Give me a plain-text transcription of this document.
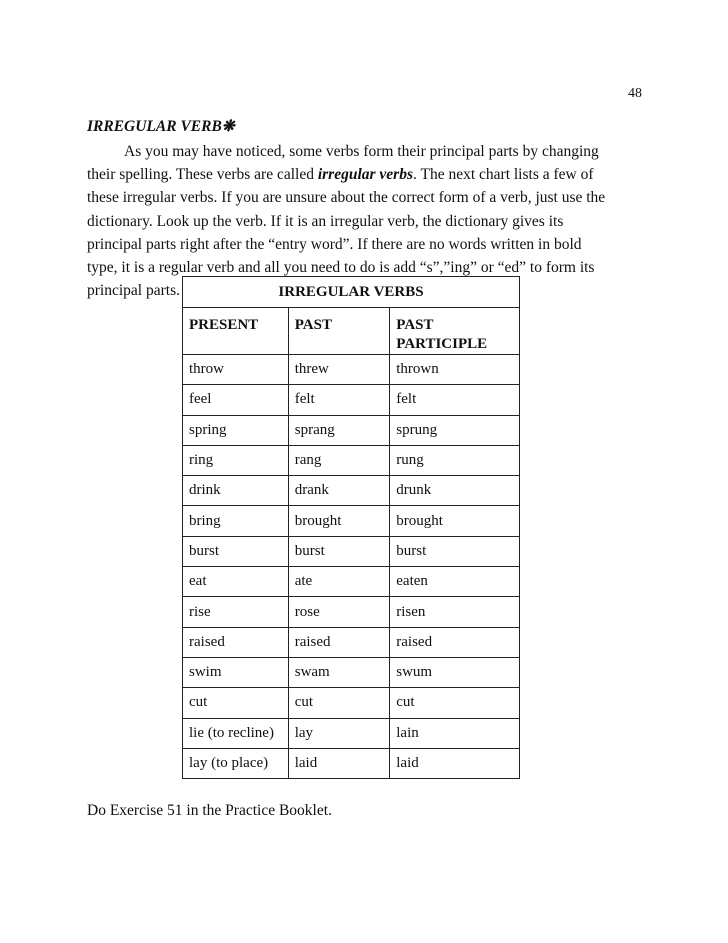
48
IRREGULAR VERB❋
As you may have noticed, some verbs form their principal parts by changing
their spelling. These verbs are called irregular verbs. The next chart lists a few of
these irregular verbs. If you are unsure about the correct form of a verb, just use the
dictionary. Look up the verb. If it is an irregular verb, the dictionary gives its
principal parts right after the “entry word”. If there are no words written in bold
type, it is a regular verb and all you need to do is add “s”,”ing” or “ed” to form its
principal parts.	IRREGULAR VERBS		
PRESENT	PAST	PAST PARTICIPLE
throw	threw	thrown
feel	felt	felt
spring	sprang	sprung
ring	rang	rung
drink	drank	drunk
bring	brought	brought
burst	burst	burst
eat	ate	eaten
rise	rose	risen
raised	raised	raised
swim	swam	swum
cut	cut	cut
lie (to recline)	lay	lain
lay (to place)	laid	laid
Do Exercise 51 in the Practice Booklet.
